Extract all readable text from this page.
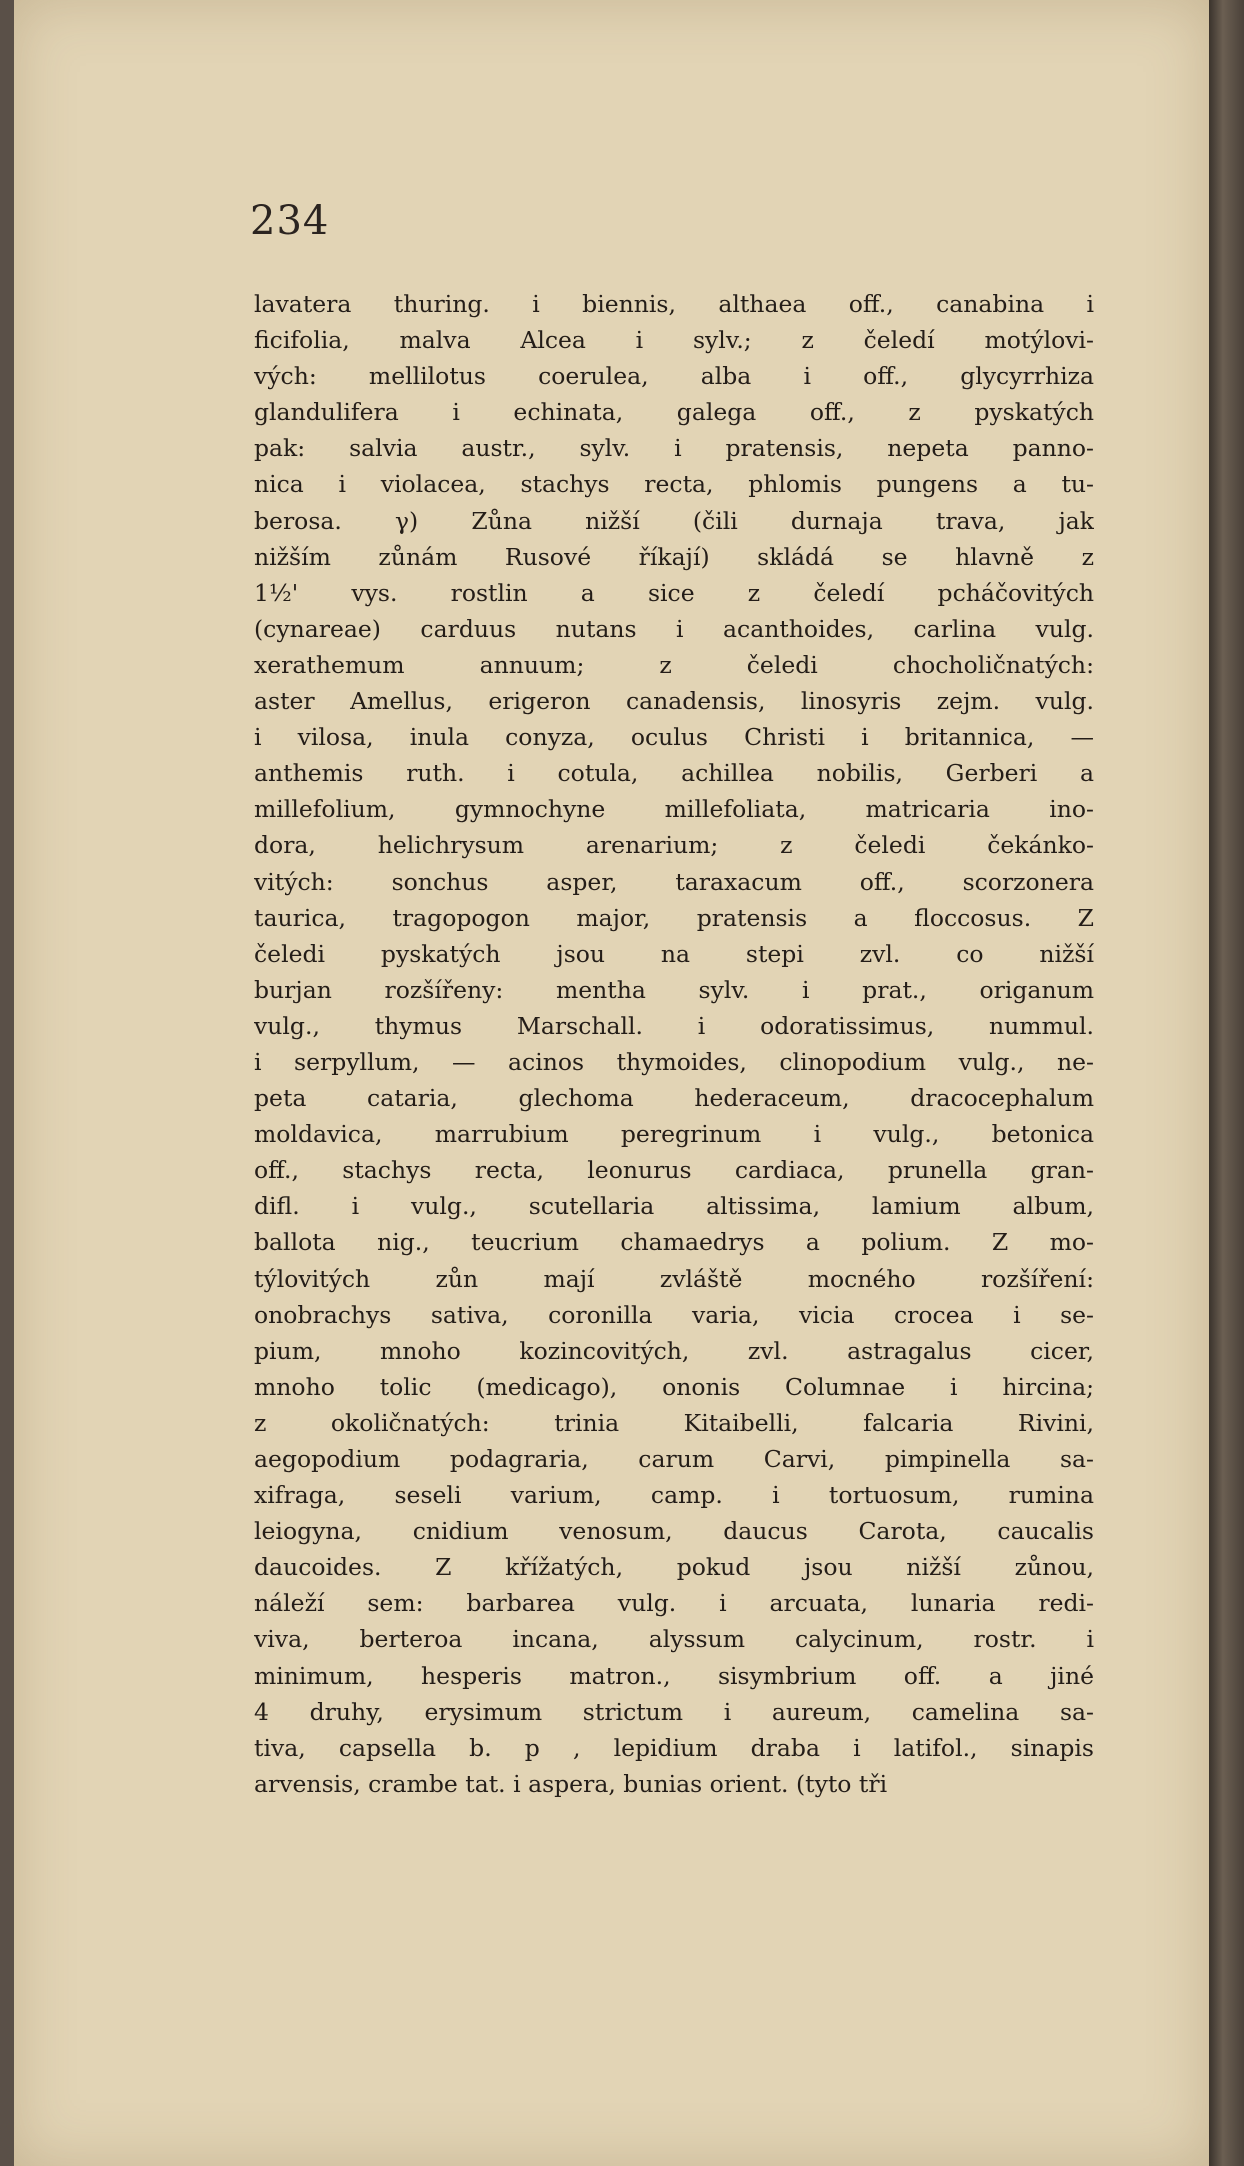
234
lavatera thuring. i biennis, althaea off., canabina i
ficifolia, malva Alcea i sylv.; z čeledí motýlovi-
vých: mellilotus coerulea, alba i off., glycyrrhiza
glandulifera i echinata, galega off., z pyskatých
pak: salvia austr., sylv. i pratensis, nepeta panno-
nica i violacea, stachys recta, phlomis pungens a tu-
berosa. γ) Zůna nižší (čili durnaja trava, jak
nižším zůnám Rusové říkají) skládá se hlavně z
1½' vys. rostlin a sice z čeledí pcháčovitých
(cynareae) carduus nutans i acanthoides, carlina vulg.
xerathemum annuum; z čeledi chocholičnatých:
aster Amellus, erigeron canadensis, linosyris zejm. vulg.
i vilosa, inula conyza, oculus Christi i britannica, —
anthemis ruth. i cotula, achillea nobilis, Gerberi a
millefolium, gymnochyne millefoliata, matricaria ino-
dora, helichrysum arenarium; z čeledi čekánko-
vitých: sonchus asper, taraxacum off., scorzonera
taurica, tragopogon major, pratensis a floccosus. Z
čeledi pyskatých jsou na stepi zvl. co nižší
burjan rozšířeny: mentha sylv. i prat., origanum
vulg., thymus Marschall. i odoratissimus, nummul.
i serpyllum, — acinos thymoides, clinopodium vulg., ne-
peta cataria, glechoma hederaceum, dracocephalum
moldavica, marrubium peregrinum i vulg., betonica
off., stachys recta, leonurus cardiaca, prunella gran-
difl. i vulg., scutellaria altissima, lamium album,
ballota nig., teucrium chamaedrys a polium. Z mo-
týlovitých zůn mají zvláště mocného rozšíření:
onobrachys sativa, coronilla varia, vicia crocea i se-
pium, mnoho kozincovitých, zvl. astragalus cicer,
mnoho tolic (medicago), ononis Columnae i hircina;
z okoličnatých: trinia Kitaibelli, falcaria Rivini,
aegopodium podagraria, carum Carvi, pimpinella sa-
xifraga, seseli varium, camp. i tortuosum, rumina
leiogyna, cnidium venosum, daucus Carota, caucalis
daucoides. Z křížatých, pokud jsou nižší zůnou,
náleží sem: barbarea vulg. i arcuata, lunaria redi-
viva, berteroa incana, alyssum calycinum, rostr. i
minimum, hesperis matron., sisymbrium off. a jiné
4 druhy, erysimum strictum i aureum, camelina sa-
tiva, capsella b. p , lepidium draba i latifol., sinapis
arvensis, crambe tat. i aspera, bunias orient. (tyto tři
